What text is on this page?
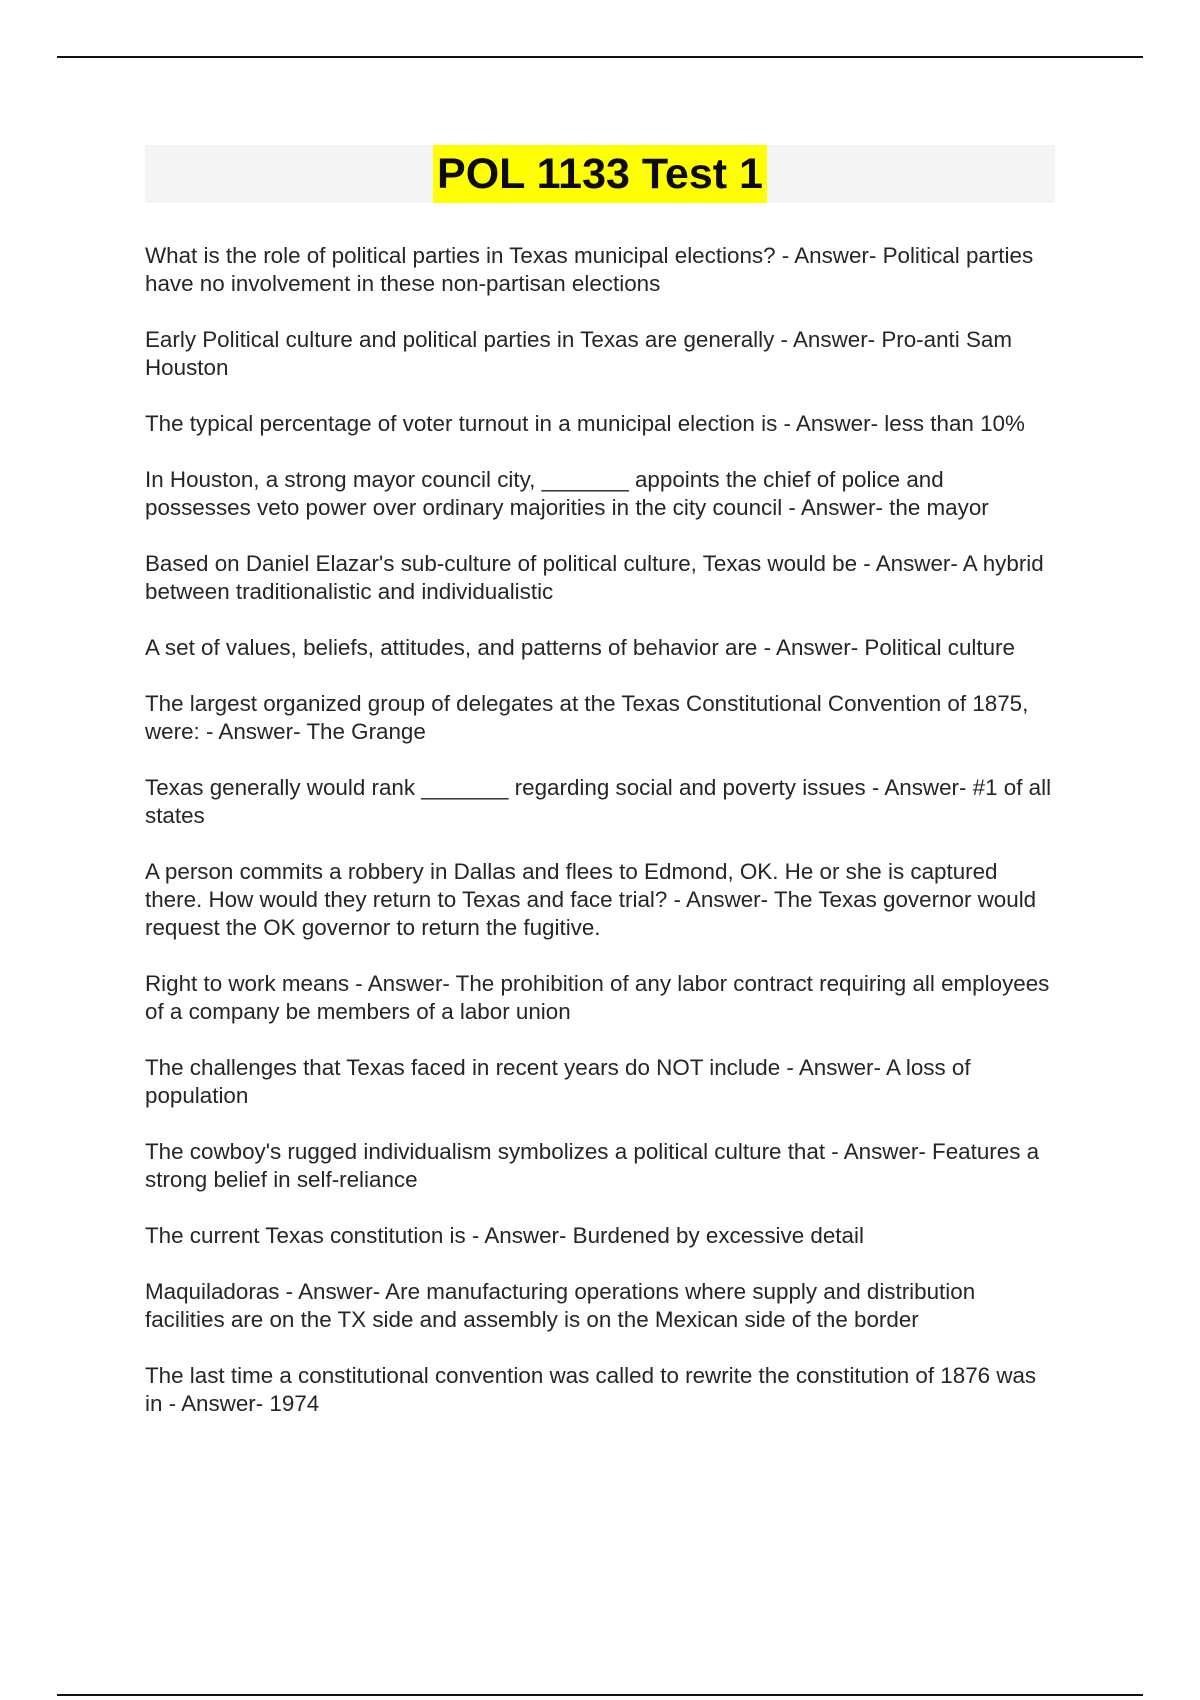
POL 1133 Test 1

What is the role of political parties in Texas municipal elections? - Answer- Political parties have no involvement in these non-partisan elections

Early Political culture and political parties in Texas are generally - Answer- Pro-anti Sam Houston

The typical percentage of voter turnout in a municipal election is - Answer- less than 10%

In Houston, a strong mayor council city, _______ appoints the chief of police and possesses veto power over ordinary majorities in the city council - Answer- the mayor

Based on Daniel Elazar's sub-culture of political culture, Texas would be - Answer- A hybrid between traditionalistic and individualistic

A set of values, beliefs, attitudes, and patterns of behavior are - Answer- Political culture

The largest organized group of delegates at the Texas Constitutional Convention of 1875, were: - Answer- The Grange

Texas generally would rank _______ regarding social and poverty issues - Answer- #1 of all states

A person commits a robbery in Dallas and flees to Edmond, OK. He or she is captured there. How would they return to Texas and face trial? - Answer- The Texas governor would request the OK governor to return the fugitive.

Right to work means - Answer- The prohibition of any labor contract requiring all employees of a company be members of a labor union

The challenges that Texas faced in recent years do NOT include - Answer- A loss of population

The cowboy's rugged individualism symbolizes a political culture that - Answer- Features a strong belief in self-reliance

The current Texas constitution is - Answer- Burdened by excessive detail

Maquiladoras - Answer- Are manufacturing operations where supply and distribution facilities are on the TX side and assembly is on the Mexican side of the border

The last time a constitutional convention was called to rewrite the constitution of 1876 was in - Answer- 1974
